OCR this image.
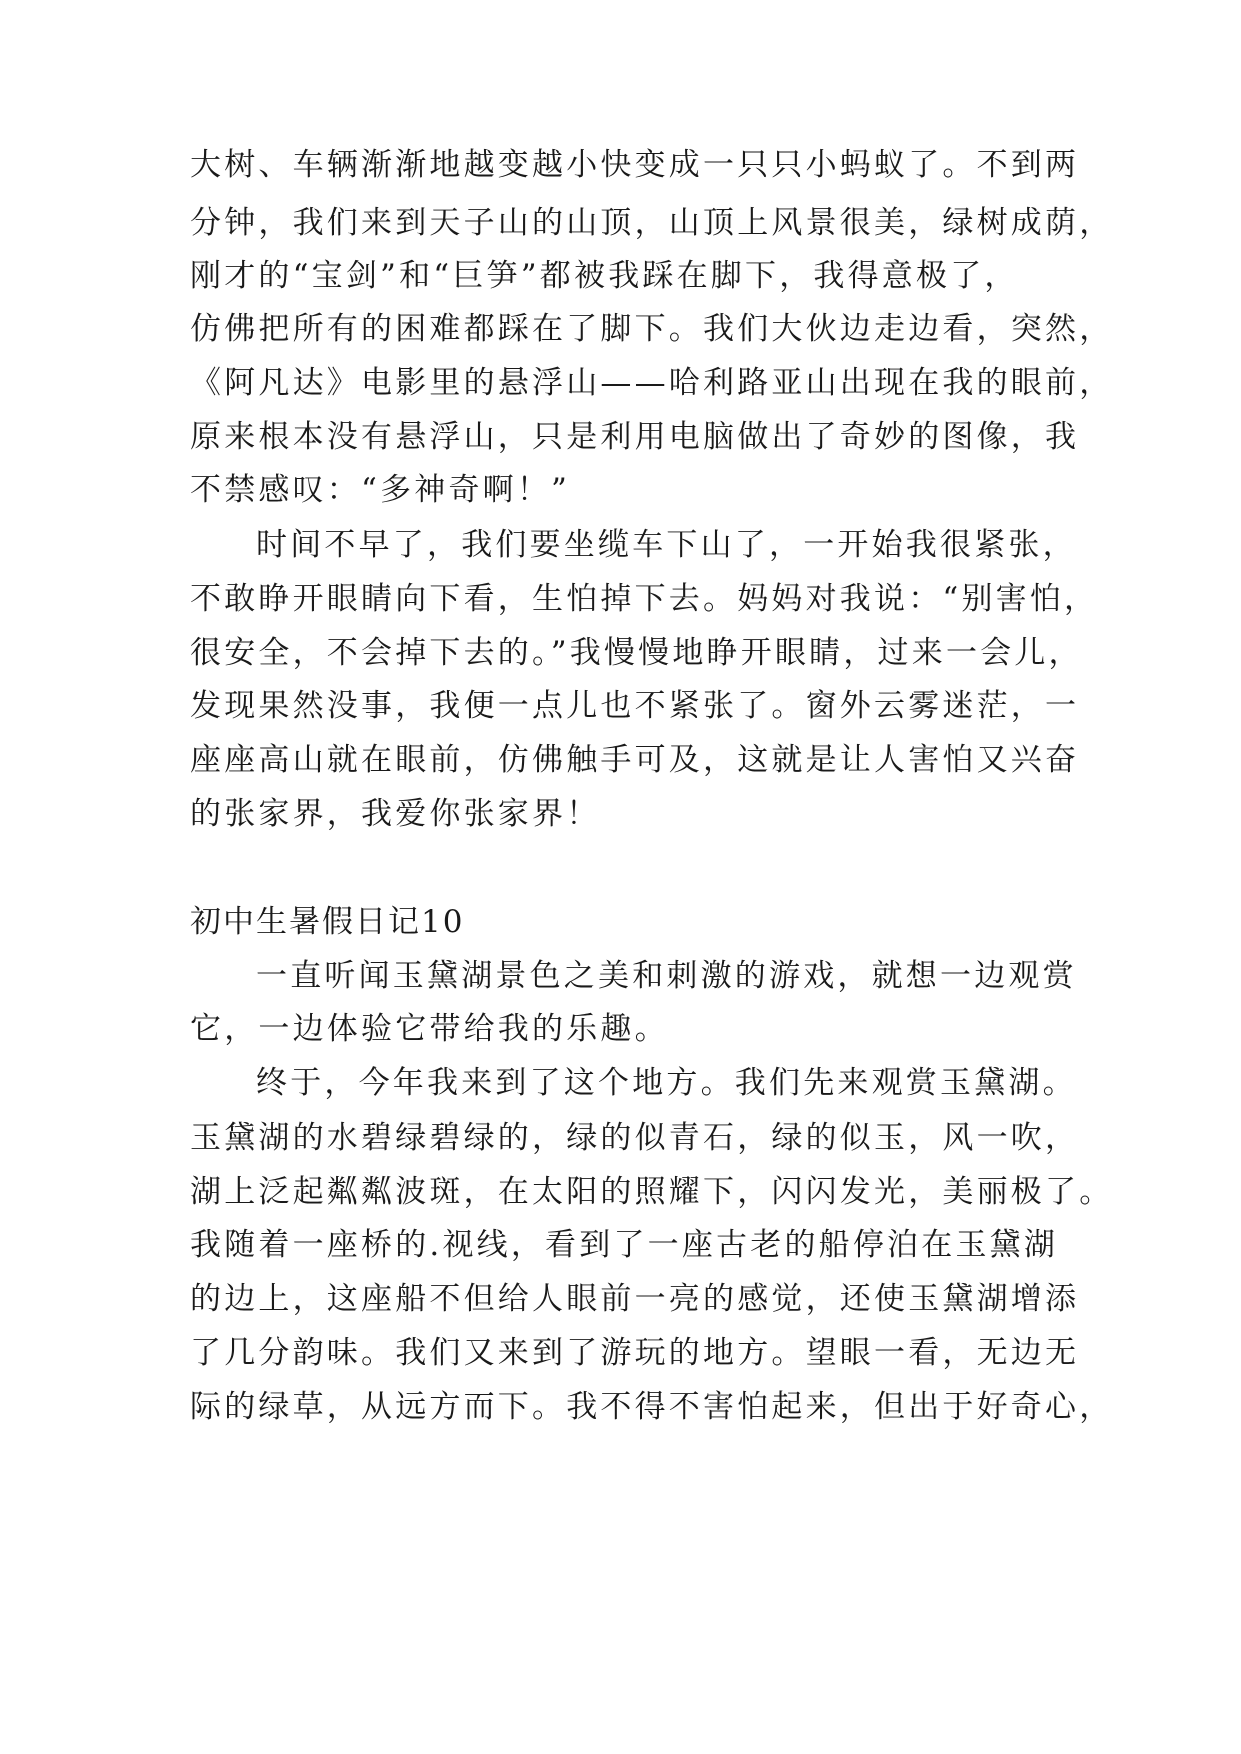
大树、车辆渐渐地越变越小快变成一只只小蚂蚁了。不到两
分钟，我们来到天子山的山顶，山顶上风景很美，绿树成荫，
刚才的“宝剑”和“巨笋”都被我踩在脚下，我得意极了，
仿佛把所有的困难都踩在了脚下。我们大伙边走边看，突然，
《阿凡达》电影里的悬浮山——哈利路亚山出现在我的眼前，
原来根本没有悬浮山，只是利用电脑做出了奇妙的图像，我
不禁感叹：“多神奇啊！”
时间不早了，我们要坐缆车下山了，一开始我很紧张，
不敢睁开眼睛向下看，生怕掉下去。妈妈对我说：“别害怕，
很安全，不会掉下去的。”我慢慢地睁开眼睛，过来一会儿，
发现果然没事，我便一点儿也不紧张了。窗外云雾迷茫，一
座座高山就在眼前，仿佛触手可及，这就是让人害怕又兴奋
的张家界，我爱你张家界！
初中生暑假日记10
一直听闻玉黛湖景色之美和刺激的游戏，就想一边观赏
它，一边体验它带给我的乐趣。
终于，今年我来到了这个地方。我们先来观赏玉黛湖。
玉黛湖的水碧绿碧绿的，绿的似青石，绿的似玉，风一吹，
湖上泛起粼粼波斑，在太阳的照耀下，闪闪发光，美丽极了。
我随着一座桥的.视线，看到了一座古老的船停泊在玉黛湖
的边上，这座船不但给人眼前一亮的感觉，还使玉黛湖增添
了几分韵味。我们又来到了游玩的地方。望眼一看，无边无
际的绿草，从远方而下。我不得不害怕起来，但出于好奇心，
